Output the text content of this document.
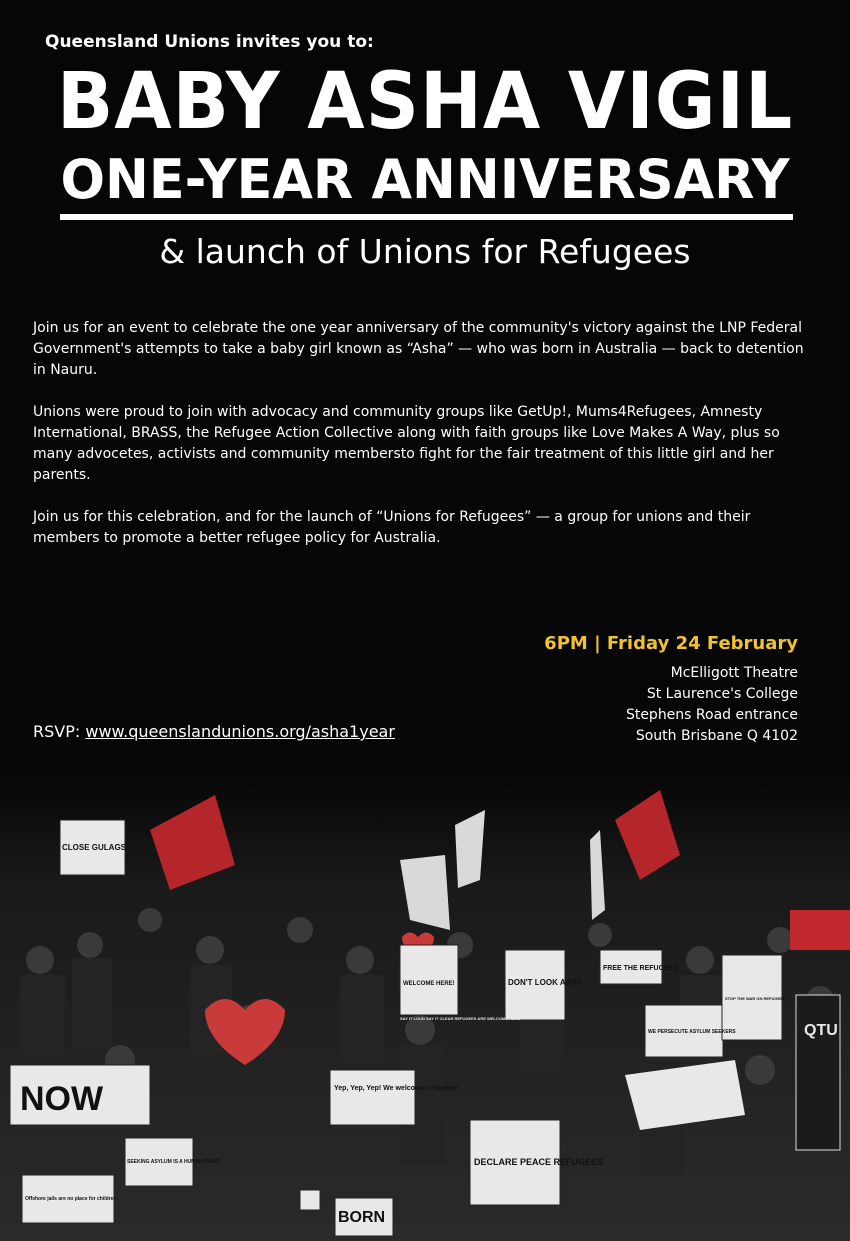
Queensland Unions invites you to:
BABY ASHA VIGIL
ONE-YEAR ANNIVERSARY
& launch of Unions for Refugees

Join us for an event to celebrate the one year anniversary of the community's victory against the LNP Federal Government's attempts to take a baby girl known as “Asha” — who was born in Australia — back to detention in Nauru.

Unions were proud to join with advocacy and community groups like GetUp!, Mums4Refugees, Amnesty International, BRASS, the Refugee Action Collective along with faith groups like Love Makes A Way, plus so many advocetes, activists and community membersto fight for the fair treatment of this little girl and her parents.

Join us for this celebration, and for the launch of “Unions for Refugees” — a group for unions and their members to promote a better refugee policy for Australia.

6PM | Friday 24 February
McElligott Theatre
St Laurence's College
Stephens Road entrance
South Brisbane Q 4102
RSVP: www.queenslandunions.org/asha1year
NOW
DECLARE PEACE REFUGEES
Yep, Yep, Yep! We welcome refugees!
DON'T LOOK AWAY
FREE THE REFUGEES
Offshore jails are no place for children
SEEKING ASYLUM IS A HUMAN RIGHT
WE PERSECUTE ASYLUM SEEKERS
STOP THE WAR ON REFUGEES
QTU
BORN
WELCOME HERE!
CLOSE GULAGS
SAY IT LOUD SAY IT CLEAR REFUGEES ARE WELCOME HERE
